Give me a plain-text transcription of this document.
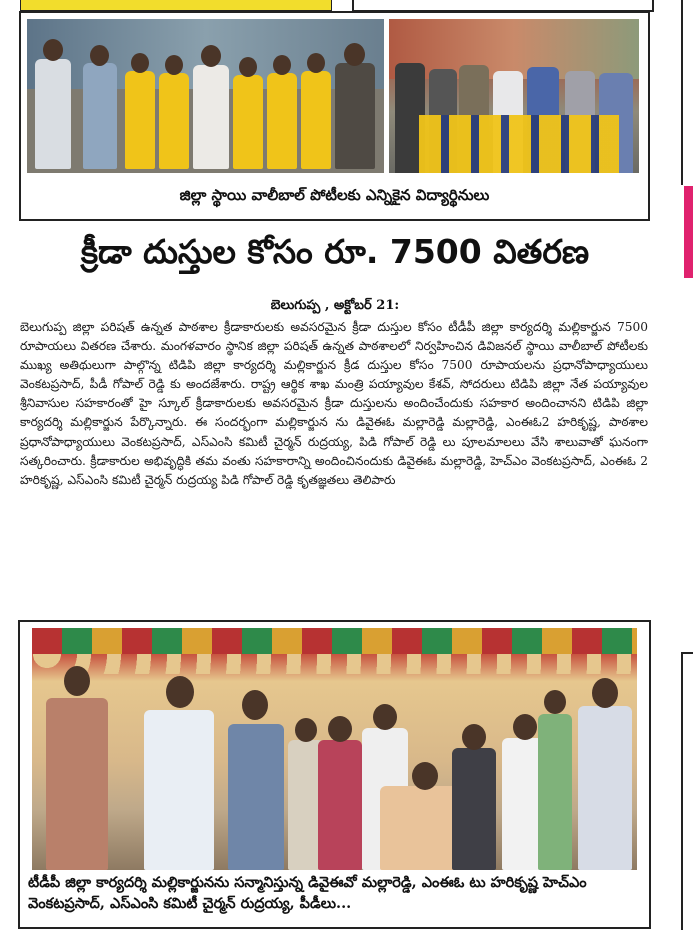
జిల్లా స్థాయి వాలీబాల్ పోటీలకు ఎన్నికైన విద్యార్థినులు
క్రీడా దుస్తుల కోసం రూ. 7500 వితరణ
బెలుగుప్ప , అక్టోబర్ 21:
బెలుగుప్ప జిల్లా పరిషత్ ఉన్నత పాఠశాల క్రీడాకారులకు అవసరమైన క్రీడా దుస్తుల కోసం టీడీపీ జిల్లా కార్యదర్శి మల్లికార్జున 7500 రూపాయలు వితరణ చేశారు. మంగళవారం స్థానిక జిల్లా పరిషత్ ఉన్నత పాఠశాలలో నిర్వహించిన డివిజనల్ స్థాయి వాలీబాల్ పోటీలకు ముఖ్య అతిథులుగా పాల్గొన్న టిడిపి జిల్లా కార్యదర్శి మల్లికార్జున క్రీడ దుస్తుల కోసం 7500 రూపాయలను ప్రధానోపాధ్యాయులు వెంకటప్రసాద్, పీడీ గోపాల్ రెడ్డి కు అందజేశారు. రాష్ట్ర ఆర్థిక శాఖ మంత్రి పయ్యావుల కేశవ్, సోదరులు టిడిపి జిల్లా నేత పయ్యావుల శ్రీనివాసుల సహకారంతో హై స్కూల్ క్రీడాకారులకు అవసరమైన క్రీడా దుస్తులను అందించేందుకు సహకార అందించానని టిడిపి జిల్లా కార్యదర్శి మల్లికార్జున పేర్కొన్నారు. ఈ సందర్భంగా మల్లికార్జున ను డివైఈఓ మల్లారెడ్డి మల్లారెడ్డి, ఎంఈఓ2 హరికృష్ణ, పాఠశాల ప్రధానోపాధ్యాయులు వెంకటప్రసాద్, ఎస్ఎంసి కమిటీ చైర్మన్ రుద్రయ్య, పిడి గోపాల్ రెడ్డి లు పూలమాలలు వేసి శాలువాతో ఘనంగా సత్కరించారు. క్రీడాకారుల అభివృద్ధికి తమ వంతు సహకారాన్ని అందించినందుకు డివైఈఓ మల్లారెడ్డి, హెచ్ఎం వెంకటప్రసాద్, ఎంఈఓ 2 హరికృష్ణ, ఎస్ఎంసి కమిటీ చైర్మన్ రుద్రయ్య పిడి గోపాల్ రెడ్డి కృతజ్ఞతలు తెలిపారు
టీడీపీ జిల్లా కార్యదర్శి మల్లికార్జునను సన్మానిస్తున్న డివైఈవో మల్లారెడ్డి, ఎంఈఓ టు హరికృష్ణ హెచ్ఎం వెంకటప్రసాద్, ఎస్ఎంసి కమిటీ చైర్మన్ రుద్రయ్య, పీడీలు...
